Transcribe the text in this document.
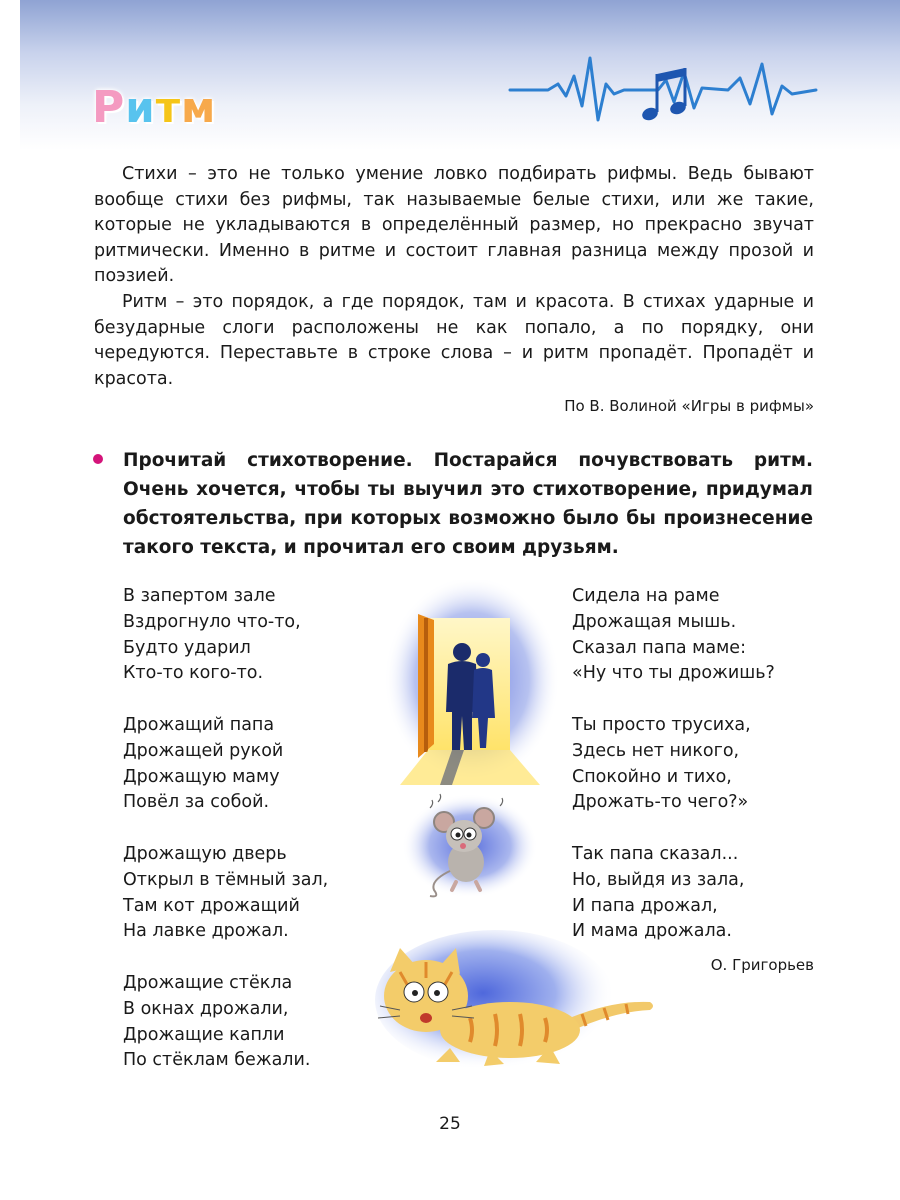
Ритм

Стихи – это не только умение ловко подбирать рифмы. Ведь бывают вообще стихи без рифмы, так называемые белые стихи, или же такие, которые не укладываются в определённый размер, но прекрасно звучат ритмически. Именно в ритме и состоит главная разница между прозой и поэзией.

Ритм – это порядок, а где порядок, там и красота. В стихах ударные и безударные слоги расположены не как попало, а по порядку, они чередуются. Переставьте в строке слова – и ритм пропадёт. Пропадёт и красота.

По В. Волиной «Игры в рифмы»
Прочитай стихотворение. Постарайся почувствовать ритм. Очень хочется, чтобы ты выучил это стихотворение, придумал обстоятельства, при которых возможно было бы произнесение такого текста, и прочитал его своим друзьям.
В запертом зале
Вздрогнуло что-то,
Будто ударил
Кто-то кого-то.
Дрожащий папа
Дрожащей рукой
Дрожащую маму
Повёл за собой.
Дрожащую дверь
Открыл в тёмный зал,
Там кот дрожащий
На лавке дрожал.
Дрожащие стёкла
В окнах дрожали,
Дрожащие капли
По стёклам бежали.
Сидела на раме
Дрожащая мышь.
Сказал папа маме:
«Ну что ты дрожишь?
Ты просто трусиха,
Здесь нет никого,
Спокойно и тихо,
Дрожать-то чего?»
Так папа сказал...
Но, выйдя из зала,
И папа дрожал,
И мама дрожала.
О. Григорьев
25
